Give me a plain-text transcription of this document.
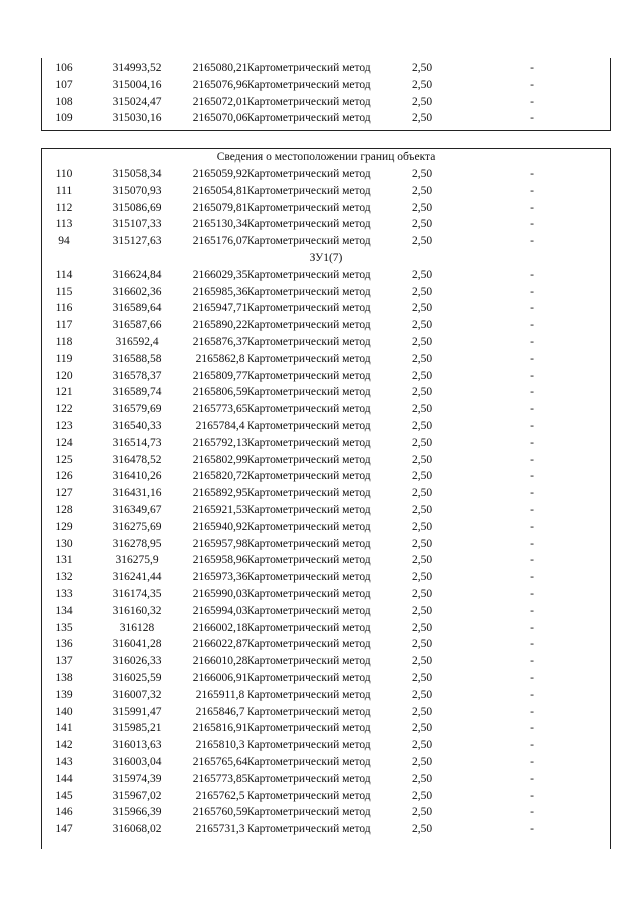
106	314993,52	2165080,21 Картометрический метод	2,50	-
107	315004,16	2165076,96 Картометрический метод	2,50	-
108	315024,47	2165072,01 Картометрический метод	2,50	-
109	315030,16	2165070,06 Картометрический метод	2,50	-
Сведения о местоположении границ объекта
110	315058,34	2165059,92 Картометрический метод	2,50	-
111	315070,93	2165054,81 Картометрический метод	2,50	-
112	315086,69	2165079,81 Картометрический метод	2,50	-
113	315107,33	2165130,34 Картометрический метод	2,50	-
94	315127,63	2165176,07 Картометрический метод	2,50	-
ЗУ1(7)
114	316624,84	2166029,35 Картометрический метод	2,50	-
115	316602,36	2165985,36 Картометрический метод	2,50	-
116	316589,64	2165947,71 Картометрический метод	2,50	-
117	316587,66	2165890,22 Картометрический метод	2,50	-
118	316592,4	2165876,37 Картометрический метод	2,50	-
119	316588,58	2165862,8 Картометрический метод	2,50	-
120	316578,37	2165809,77 Картометрический метод	2,50	-
121	316589,74	2165806,59 Картометрический метод	2,50	-
122	316579,69	2165773,65 Картометрический метод	2,50	-
123	316540,33	2165784,4 Картометрический метод	2,50	-
124	316514,73	2165792,13 Картометрический метод	2,50	-
125	316478,52	2165802,99 Картометрический метод	2,50	-
126	316410,26	2165820,72 Картометрический метод	2,50	-
127	316431,16	2165892,95 Картометрический метод	2,50	-
128	316349,67	2165921,53 Картометрический метод	2,50	-
129	316275,69	2165940,92 Картометрический метод	2,50	-
130	316278,95	2165957,98 Картометрический метод	2,50	-
131	316275,9	2165958,96 Картометрический метод	2,50	-
132	316241,44	2165973,36 Картометрический метод	2,50	-
133	316174,35	2165990,03 Картометрический метод	2,50	-
134	316160,32	2165994,03 Картометрический метод	2,50	-
135	316128	2166002,18 Картометрический метод	2,50	-
136	316041,28	2166022,87 Картометрический метод	2,50	-
137	316026,33	2166010,28 Картометрический метод	2,50	-
138	316025,59	2166006,91 Картометрический метод	2,50	-
139	316007,32	2165911,8 Картометрический метод	2,50	-
140	315991,47	2165846,7 Картометрический метод	2,50	-
141	315985,21	2165816,91 Картометрический метод	2,50	-
142	316013,63	2165810,3 Картометрический метод	2,50	-
143	316003,04	2165765,64 Картометрический метод	2,50	-
144	315974,39	2165773,85 Картометрический метод	2,50	-
145	315967,02	2165762,5 Картометрический метод	2,50	-
146	315966,39	2165760,59 Картометрический метод	2,50	-
147	316068,02	2165731,3 Картометрический метод	2,50	-
